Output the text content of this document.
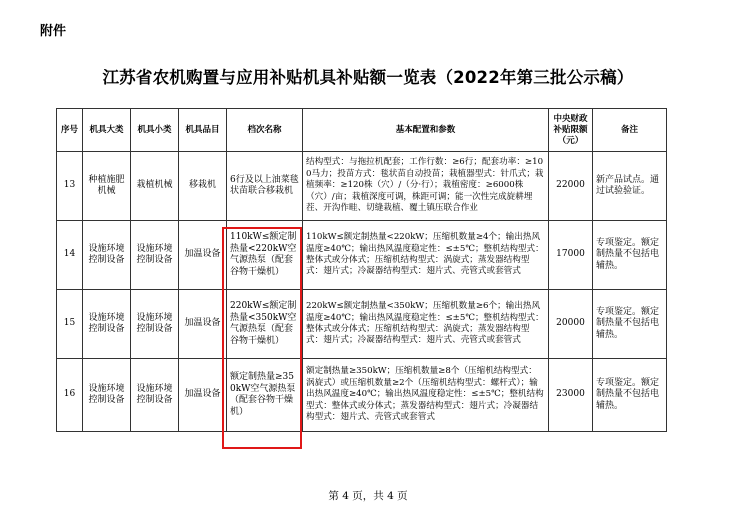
附件
江苏省农机购置与应用补贴机具补贴额一览表（2022年第三批公示稿）
序号	机具大类	机具小类	机具品目	档次名称	基本配置和参数	中央财政补贴限额（元）	备注
13	种植施肥机械	栽植机械	移栽机	6行及以上油菜毯状苗联合移栽机	结构型式：与拖拉机配套；工作行数：≥6行；配套功率：≥100马力；投苗方式：毯状苗自动投苗；栽植器型式：针爪式；栽植频率：≥120株（穴）/（分·行）；栽植密度：≥6000株（穴）/亩；栽植深度可调，株距可调；能一次性完成旋耕埋茬、开沟作畦、切缝栽植、覆土镇压联合作业	22000	新产品试点。通过试验验证。
14	设施环境控制设备	设施环境控制设备	加温设备	110kW≤额定制热量<220kW空气源热泵（配套谷物干燥机）	110kW≤额定制热量<220kW；压缩机数量≥4个；输出热风温度≥40℃；输出热风温度稳定性：≤±5℃；整机结构型式：整体式或分体式；压缩机结构型式：涡旋式；蒸发器结构型式：翅片式；冷凝器结构型式：翅片式、壳管式或套管式	17000	专项鉴定。额定制热量不包括电辅热。
15	设施环境控制设备	设施环境控制设备	加温设备	220kW≤额定制热量<350kW空气源热泵（配套谷物干燥机）	220kW≤额定制热量<350kW；压缩机数量≥6个；输出热风温度≥40℃；输出热风温度稳定性：≤±5℃；整机结构型式：整体式或分体式；压缩机结构型式：涡旋式；蒸发器结构型式：翅片式；冷凝器结构型式：翅片式、壳管式或套管式	20000	专项鉴定。额定制热量不包括电辅热。
16	设施环境控制设备	设施环境控制设备	加温设备	额定制热量≥350kW空气源热泵（配套谷物干燥机）	额定制热量≥350kW；压缩机数量≥8个（压缩机结构型式：涡旋式）或压缩机数量≥2个（压缩机结构型式：螺杆式）；输出热风温度≥40℃；输出热风温度稳定性：≤±5℃；整机结构型式：整体式或分体式；蒸发器结构型式：翅片式；冷凝器结构型式：翅片式、壳管式或套管式	23000	专项鉴定。额定制热量不包括电辅热。
第 4 页，共 4 页
